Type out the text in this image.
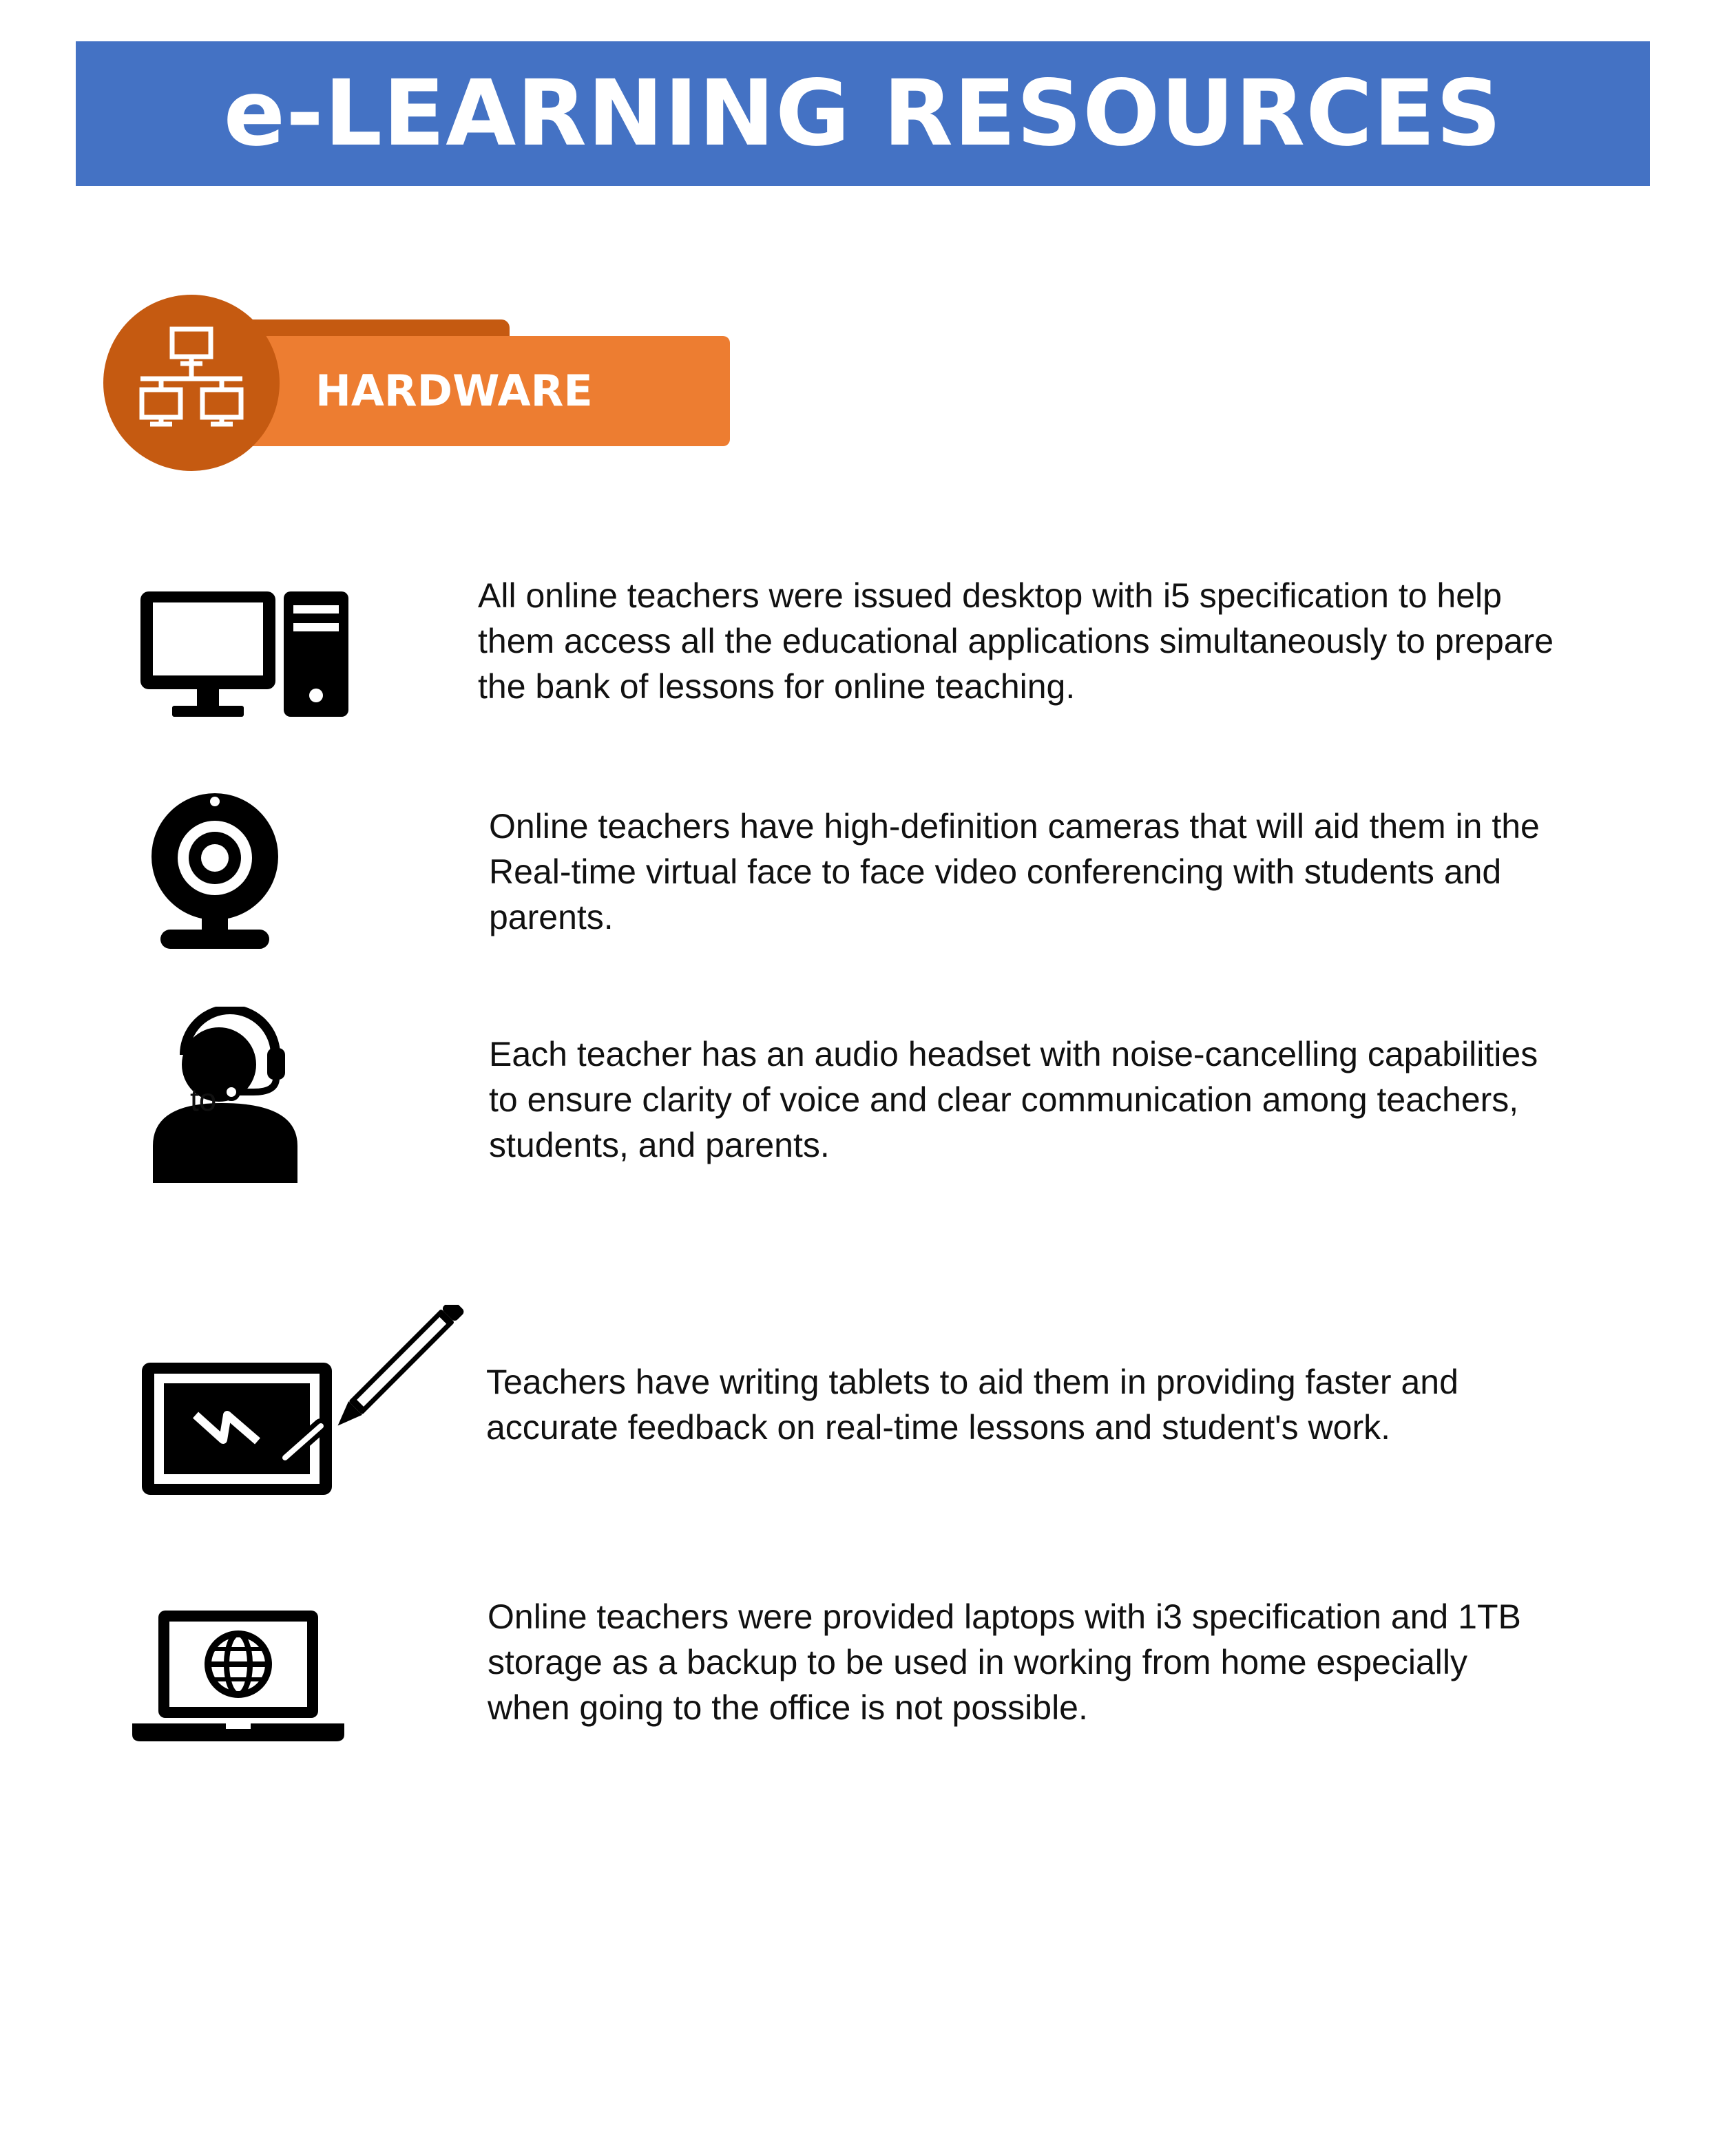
e-LEARNING RESOURCES
HARDWARE
All online teachers were issued desktop with i5 specification to help
them access all the educational applications simultaneously to prepare
the bank of lessons for online teaching.
Online teachers have high-definition cameras that will aid them in the
Real-time virtual face to face video conferencing with students and
parents.
to
Each teacher has an audio headset with noise-cancelling capabilities
to ensure clarity of voice and clear communication among teachers,
students, and parents.
Teachers have writing tablets to aid them in providing faster and
accurate feedback on real-time lessons and student's work.
Online teachers were provided laptops with i3 specification and 1TB
storage as a backup to be used in working from home especially
when going to the office is not possible.
